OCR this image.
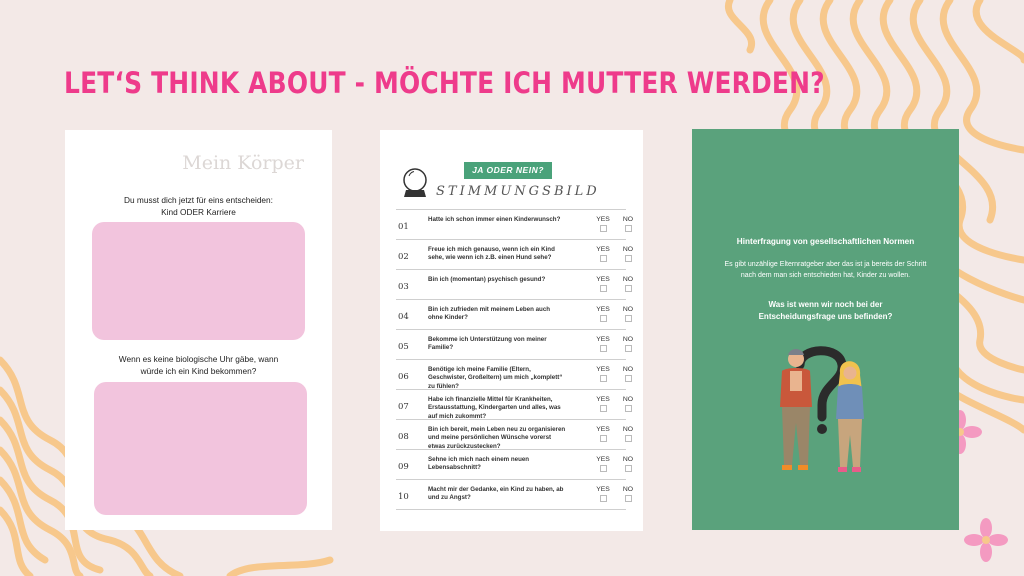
LET‘S THINK ABOUT - MÖCHTE ICH MUTTER WERDEN?
Mein Körper
Du musst dich jetzt für eins entscheiden:
Kind ODER Karriere
Wenn es keine biologische Uhr gäbe, wann
würde ich ein Kind bekommen?
JA ODER NEIN?
STIMMUNGSBILD
01
Hatte ich schon immer einen Kinderwunsch?	YES	NO
02
Freue ich mich genauso, wenn ich ein Kind sehe, wie wenn ich z.B. einen Hund sehe?
YES	NO
03
Bin ich (momentan) psychisch gesund?	YES	NO
04
Bin ich zufrieden mit meinem Leben auch ohne Kinder?
YES	NO
05
Bekomme ich Unterstützung von meiner Familie?
YES	NO
06
Benötige ich meine Familie (Eltern, Geschwister, Großeltern) um mich „komplett“ zu fühlen?
YES	NO
07
Habe ich finanzielle Mittel für Krankheiten, Erstausstattung, Kindergarten und alles, was auf mich zukommt?
YES	NO
08
Bin ich bereit, mein Leben neu zu organisieren und meine persönlichen Wünsche vorerst etwas zurückzustecken?
YES	NO
09
Sehne ich mich nach einem neuen Lebensabschnitt?
YES	NO
10
Macht mir der Gedanke, ein Kind zu haben, ab und zu Angst?
YES	NO
Hinterfragung von gesellschaftlichen Normen
Es gibt unzählige Elternratgeber aber das ist ja bereits der Schritt nach dem man sich entschieden hat, Kinder zu wollen.
Was ist wenn wir noch bei der Entscheidungsfrage uns befinden?
